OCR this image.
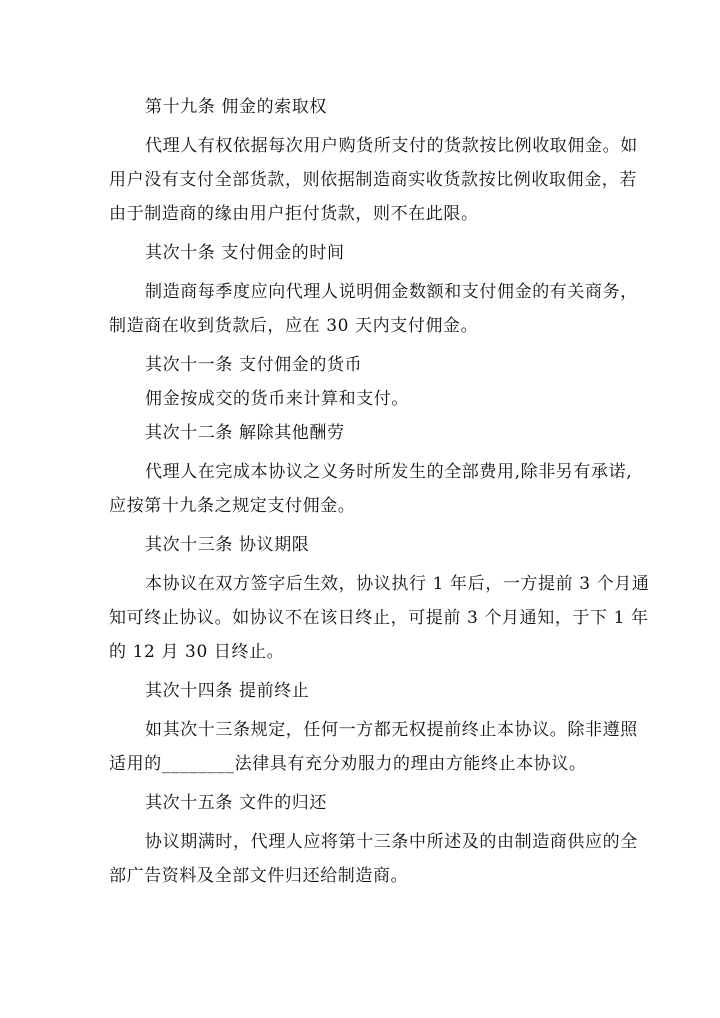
第十九条 佣金的索取权
代理人有权依据每次用户购货所支付的货款按比例收取佣金。如
用户没有支付全部货款，则依据制造商实收货款按比例收取佣金，若
由于制造商的缘由用户拒付货款，则不在此限。
其次十条 支付佣金的时间
制造商每季度应向代理人说明佣金数额和支付佣金的有关商务，
制造商在收到货款后，应在 30 天内支付佣金。
其次十一条 支付佣金的货币
佣金按成交的货币来计算和支付。
其次十二条 解除其他酬劳
代理人在完成本协议之义务时所发生的全部费用,除非另有承诺,
应按第十九条之规定支付佣金。
其次十三条 协议期限
本协议在双方签字后生效，协议执行 1 年后，一方提前 3 个月通
知可终止协议。如协议不在该日终止，可提前 3 个月通知，于下 1 年
的 12 月 30 日终止。
其次十四条 提前终止
如其次十三条规定，任何一方都无权提前终止本协议。除非遵照
适用的________法律具有充分劝服力的理由方能终止本协议。
其次十五条 文件的归还
协议期满时，代理人应将第十三条中所述及的由制造商供应的全
部广告资料及全部文件归还给制造商。
